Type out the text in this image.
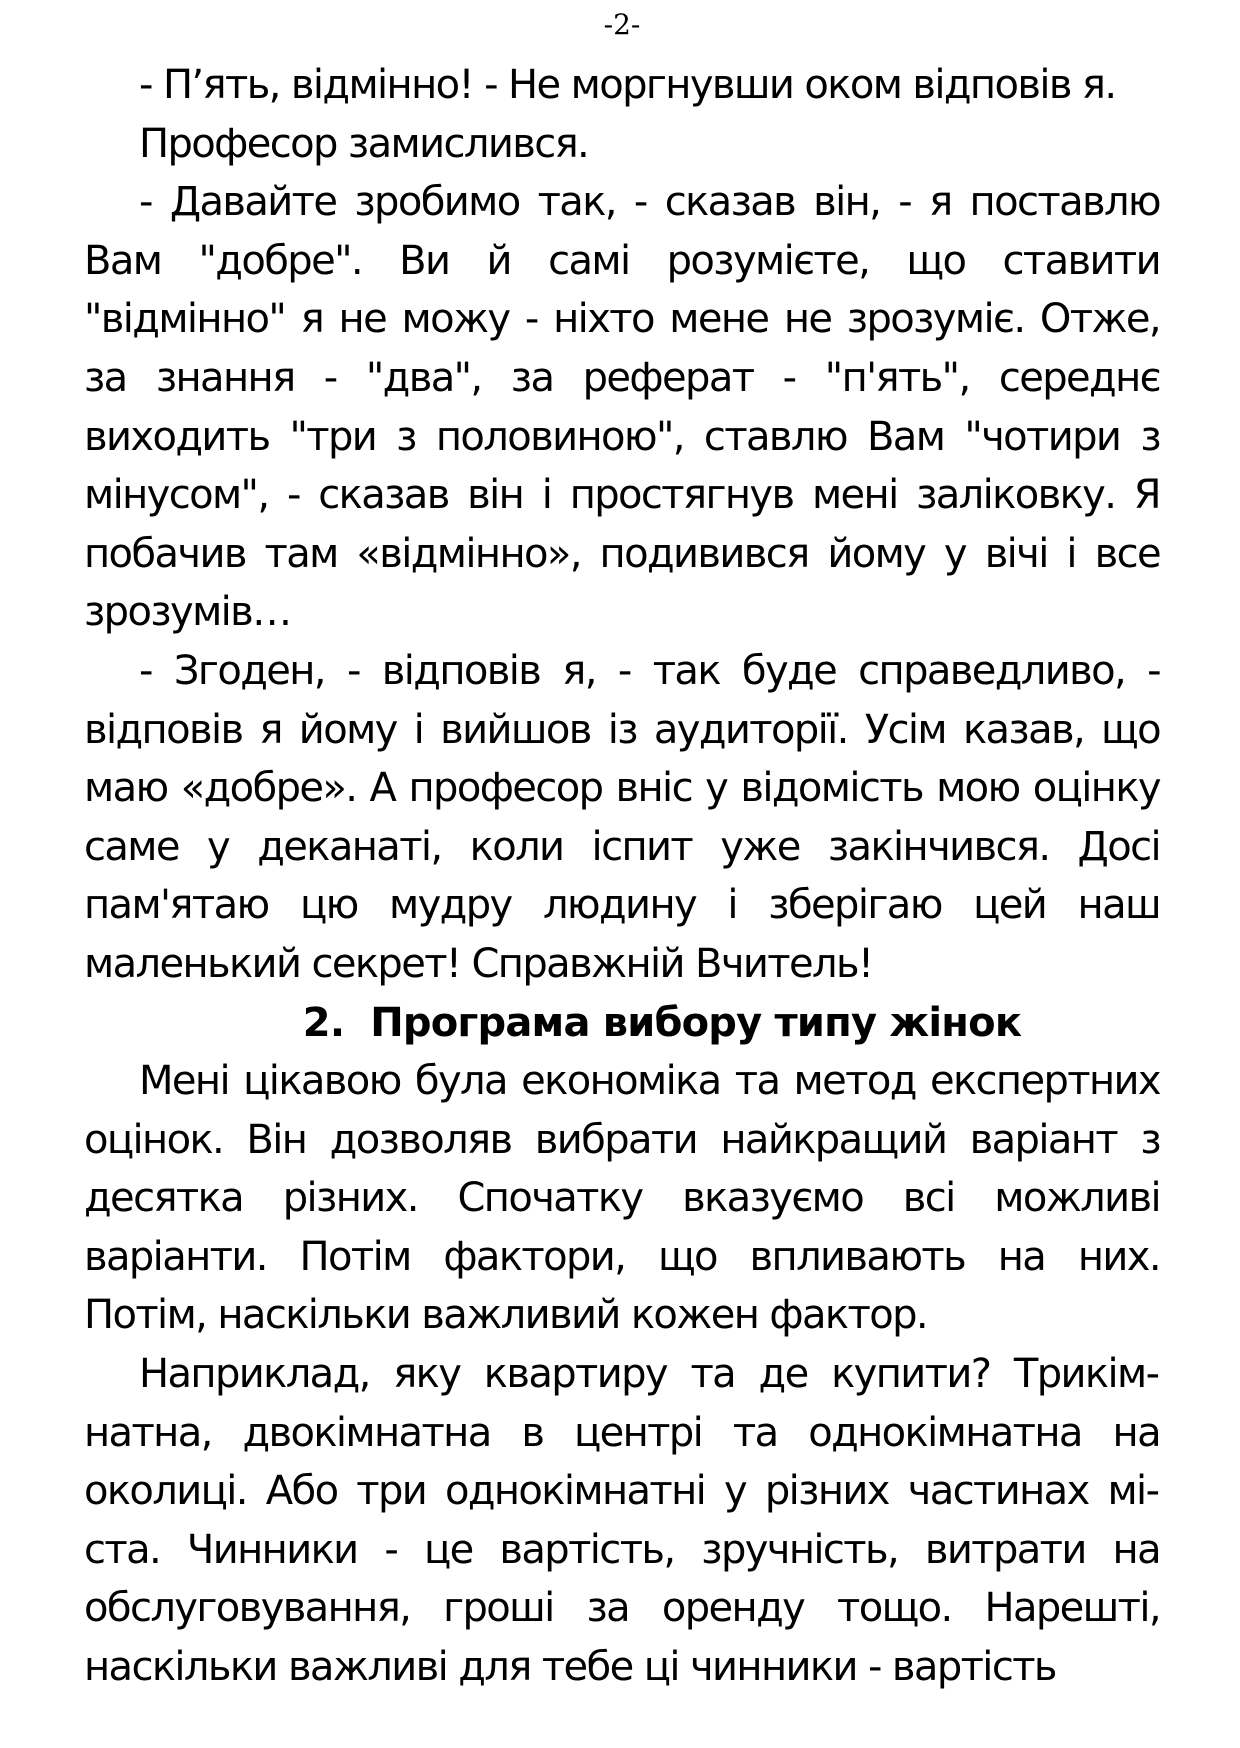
-2-

- П’ять, відмінно! - Не моргнувши оком відповів я.

Професор замислився.

- Давайте зробимо так, - сказав він, - я поставлю Вам "добре". Ви й самі розумієте, що ставити "відмінно" я не можу - ніхто мене не зрозуміє. Отже, за знання - "два", за реферат - "п'ять", середнє виходить "три з половиною", ставлю Вам "чотири з мінусом", - сказав він і простягнув мені заліковку. Я побачив там «відмінно», подивився йому у вічі і все зрозумів…

- Згоден, - відповів я, - так буде справедливо, - відповів я йому і вийшов із аудиторії. Усім казав, що маю «добре». А професор вніс у відомість мою оцінку саме у деканаті, коли іспит уже закінчився. Досі пам'ятаю цю мудру людину і зберігаю цей наш маленький секрет! Справжній Вчитель!

2. Програма вибору типу жінок

Мені цікавою була економіка та метод експертних оцінок. Він дозволяв вибрати найкращий варіант з десятка різних. Спочатку вказуємо всі можливі варіанти. Потім фактори, що впливають на них. Потім, наскільки важливий кожен фактор.

Наприклад, яку квартиру та де купити? Трикімнатна, двокімнатна в центрі та однокімнатна на околиці. Або три однокімнатні у різних частинах міста. Чинники - це вартість, зручність, витрати на обслуговування, гроші за оренду тощо. Нарешті, наскільки важливі для тебе ці чинники - вартість
